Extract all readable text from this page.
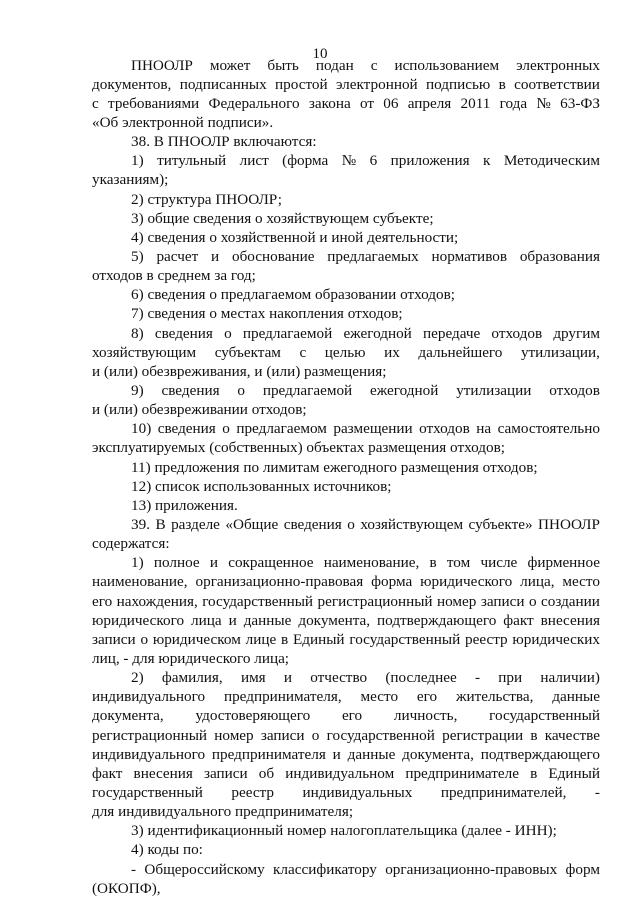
10
ПНООЛР может быть подан с использованием электронных
документов, подписанных простой электронной подписью в соответствии
с требованиями Федерального закона от 06 апреля 2011 года № 63-ФЗ
«Об электронной подписи».
38. В ПНООЛР включаются:
1) титульный лист (форма № 6 приложения к Методическим
указаниям);
2) структура ПНООЛР;
3) общие сведения о хозяйствующем субъекте;
4) сведения о хозяйственной и иной деятельности;
5) расчет и обоснование предлагаемых нормативов образования
отходов в среднем за год;
6) сведения о предлагаемом образовании отходов;
7) сведения о местах накопления отходов;
8) сведения о предлагаемой ежегодной передаче отходов другим
хозяйствующим субъектам с целью их дальнейшего утилизации,
и (или) обезвреживания, и (или) размещения;
9) сведения о предлагаемой ежегодной утилизации отходов
и (или) обезвреживании отходов;
10) сведения о предлагаемом размещении отходов на самостоятельно
эксплуатируемых (собственных) объектах размещения отходов;
11) предложения по лимитам ежегодного размещения отходов;
12) список использованных источников;
13) приложения.
39. В разделе «Общие сведения о хозяйствующем субъекте» ПНООЛР
содержатся:
1) полное и сокращенное наименование, в том числе фирменное
наименование, организационно-правовая форма юридического лица, место
его нахождения, государственный регистрационный номер записи о создании
юридического лица и данные документа, подтверждающего факт внесения
записи о юридическом лице в Единый государственный реестр юридических
лиц, - для юридического лица;
2) фамилия, имя и отчество (последнее - при наличии)
индивидуального предпринимателя, место его жительства, данные
документа, удостоверяющего его личность, государственный
регистрационный номер записи о государственной регистрации в качестве
индивидуального предпринимателя и данные документа, подтверждающего
факт внесения записи об индивидуальном предпринимателе в Единый
государственный реестр индивидуальных предпринимателей, -
для индивидуального предпринимателя;
3) идентификационный номер налогоплательщика (далее - ИНН);
4) коды по:
- Общероссийскому классификатору организационно-правовых форм
(ОКОПФ),
